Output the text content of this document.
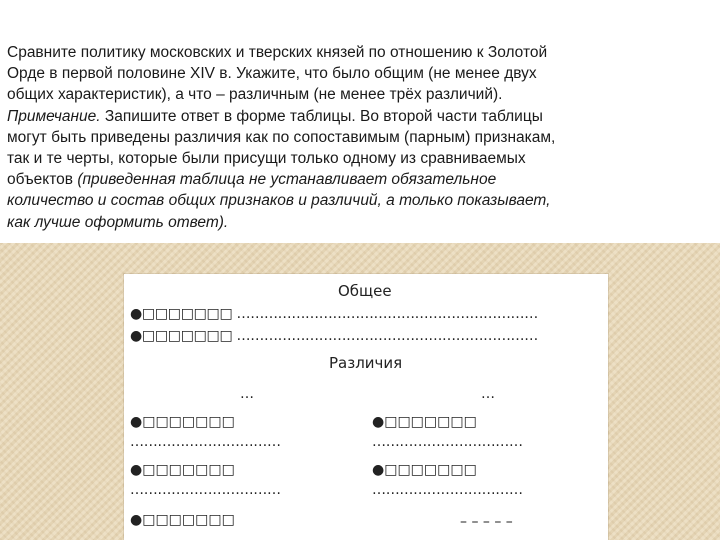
Сравните политику московских и тверских князей по отношению к Золотой
Орде в первой половине XIV в. Укажите, что было общим (не менее двух
общих характеристик), а что – различным (не менее трёх различий).
Примечание. Запишите ответ в форме таблицы. Во второй части таблицы
могут быть приведены различия как по сопоставимым (парным) признакам,
так и те черты, которые были присущи только одному из сравниваемых
объектов (приведенная таблица не устанавливает обязательное
количество и состав общих признаков и различий, а только показывает,
как лучше оформить ответ).
Общее
●□□□□□□□ …………………………………………………………
●□□□□□□□ …………………………………………………………
Различия
…	…
●□□□□□□□
……………………………
●□□□□□□□
……………………………
●□□□□□□□
……………………………
●□□□□□□□
……………………………
●□□□□□□□	– – – – –
